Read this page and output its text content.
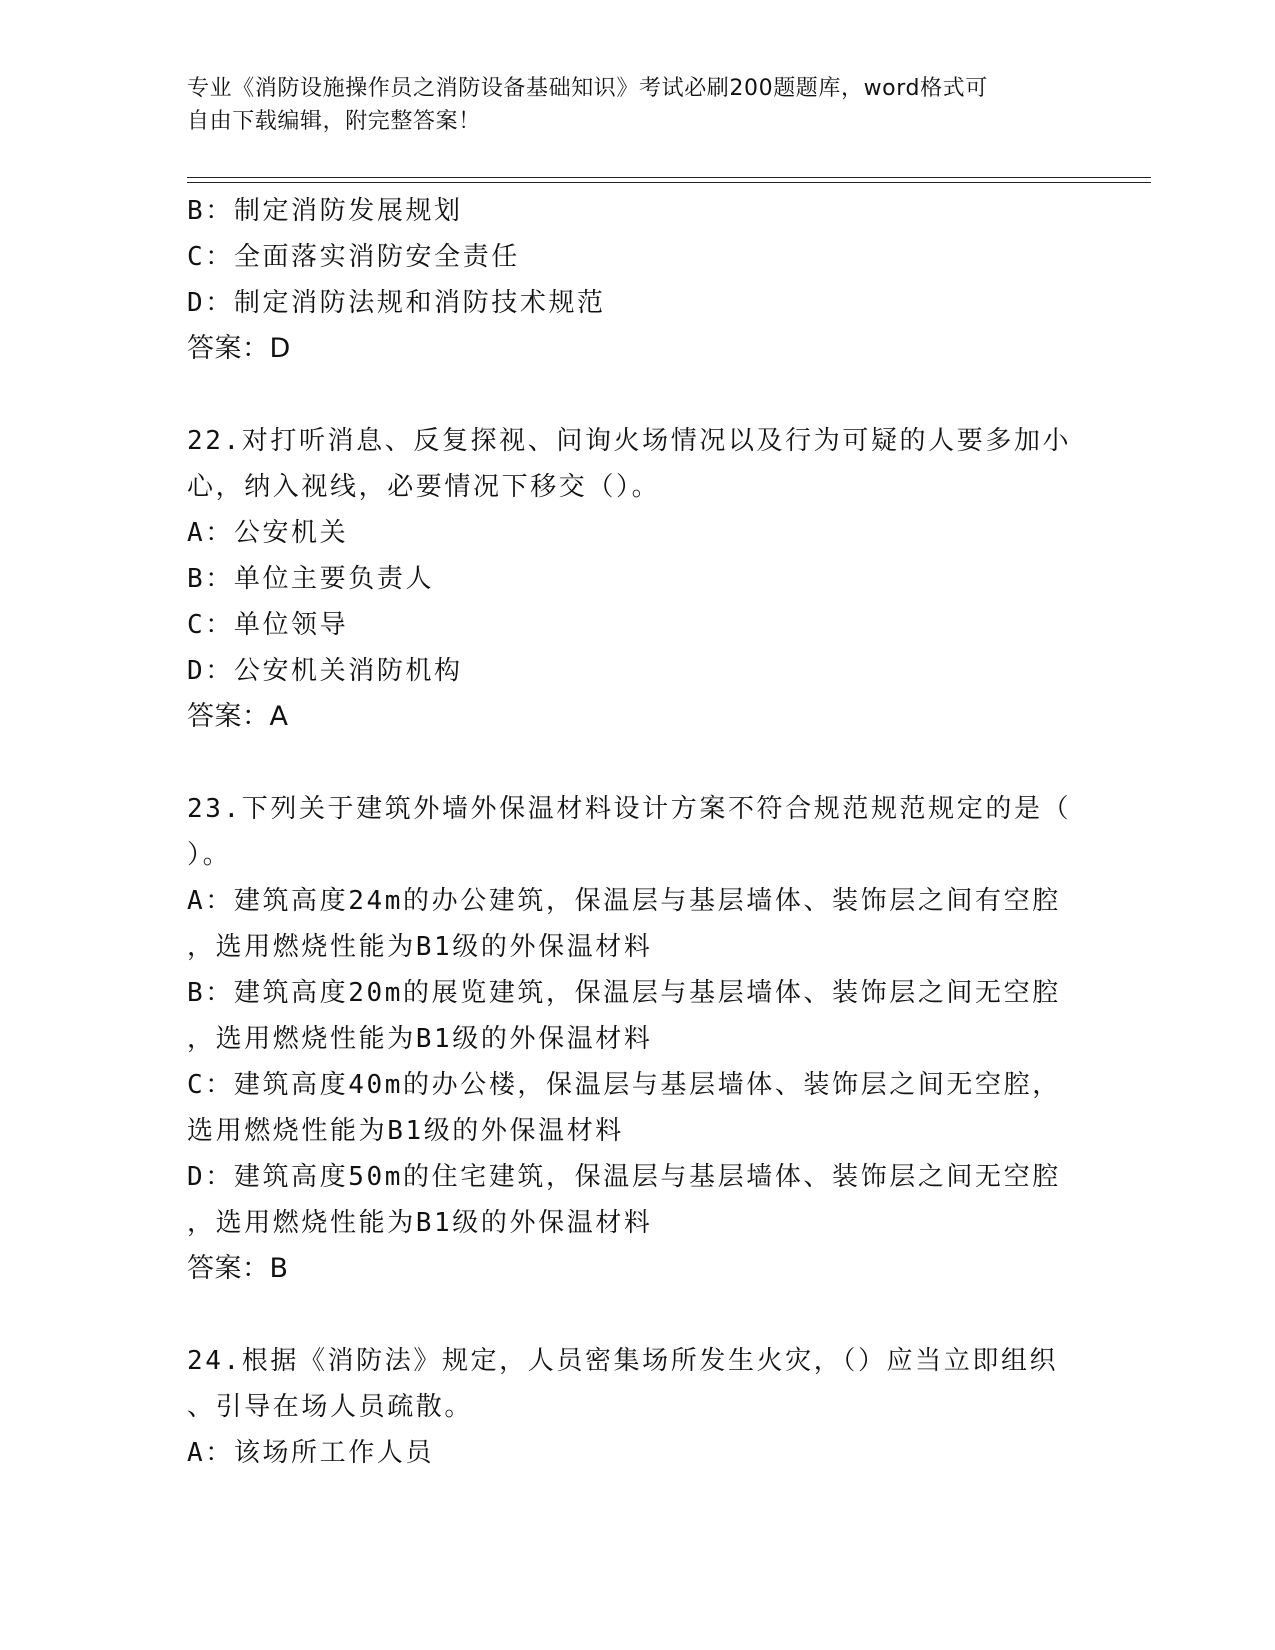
专业《消防设施操作员之消防设备基础知识》考试必刷200题题库，word格式可
自由下载编辑，附完整答案！
B：制定消防发展规划
C：全面落实消防安全责任
D：制定消防法规和消防技术规范
答案：D
22.对打听消息、反复探视、问询火场情况以及行为可疑的人要多加小
心，纳入视线，必要情况下移交（）。
A：公安机关
B：单位主要负责人
C：单位领导
D：公安机关消防机构
答案：A
23.下列关于建筑外墙外保温材料设计方案不符合规范规范规定的是（
）。
A：建筑高度24m的办公建筑，保温层与基层墙体、装饰层之间有空腔
，选用燃烧性能为B1级的外保温材料
B：建筑高度20m的展览建筑，保温层与基层墙体、装饰层之间无空腔
，选用燃烧性能为B1级的外保温材料
C：建筑高度40m的办公楼，保温层与基层墙体、装饰层之间无空腔，
选用燃烧性能为B1级的外保温材料
D：建筑高度50m的住宅建筑，保温层与基层墙体、装饰层之间无空腔
，选用燃烧性能为B1级的外保温材料
答案：B
24.根据《消防法》规定，人员密集场所发生火灾，（）应当立即组织
、引导在场人员疏散。
A：该场所工作人员
